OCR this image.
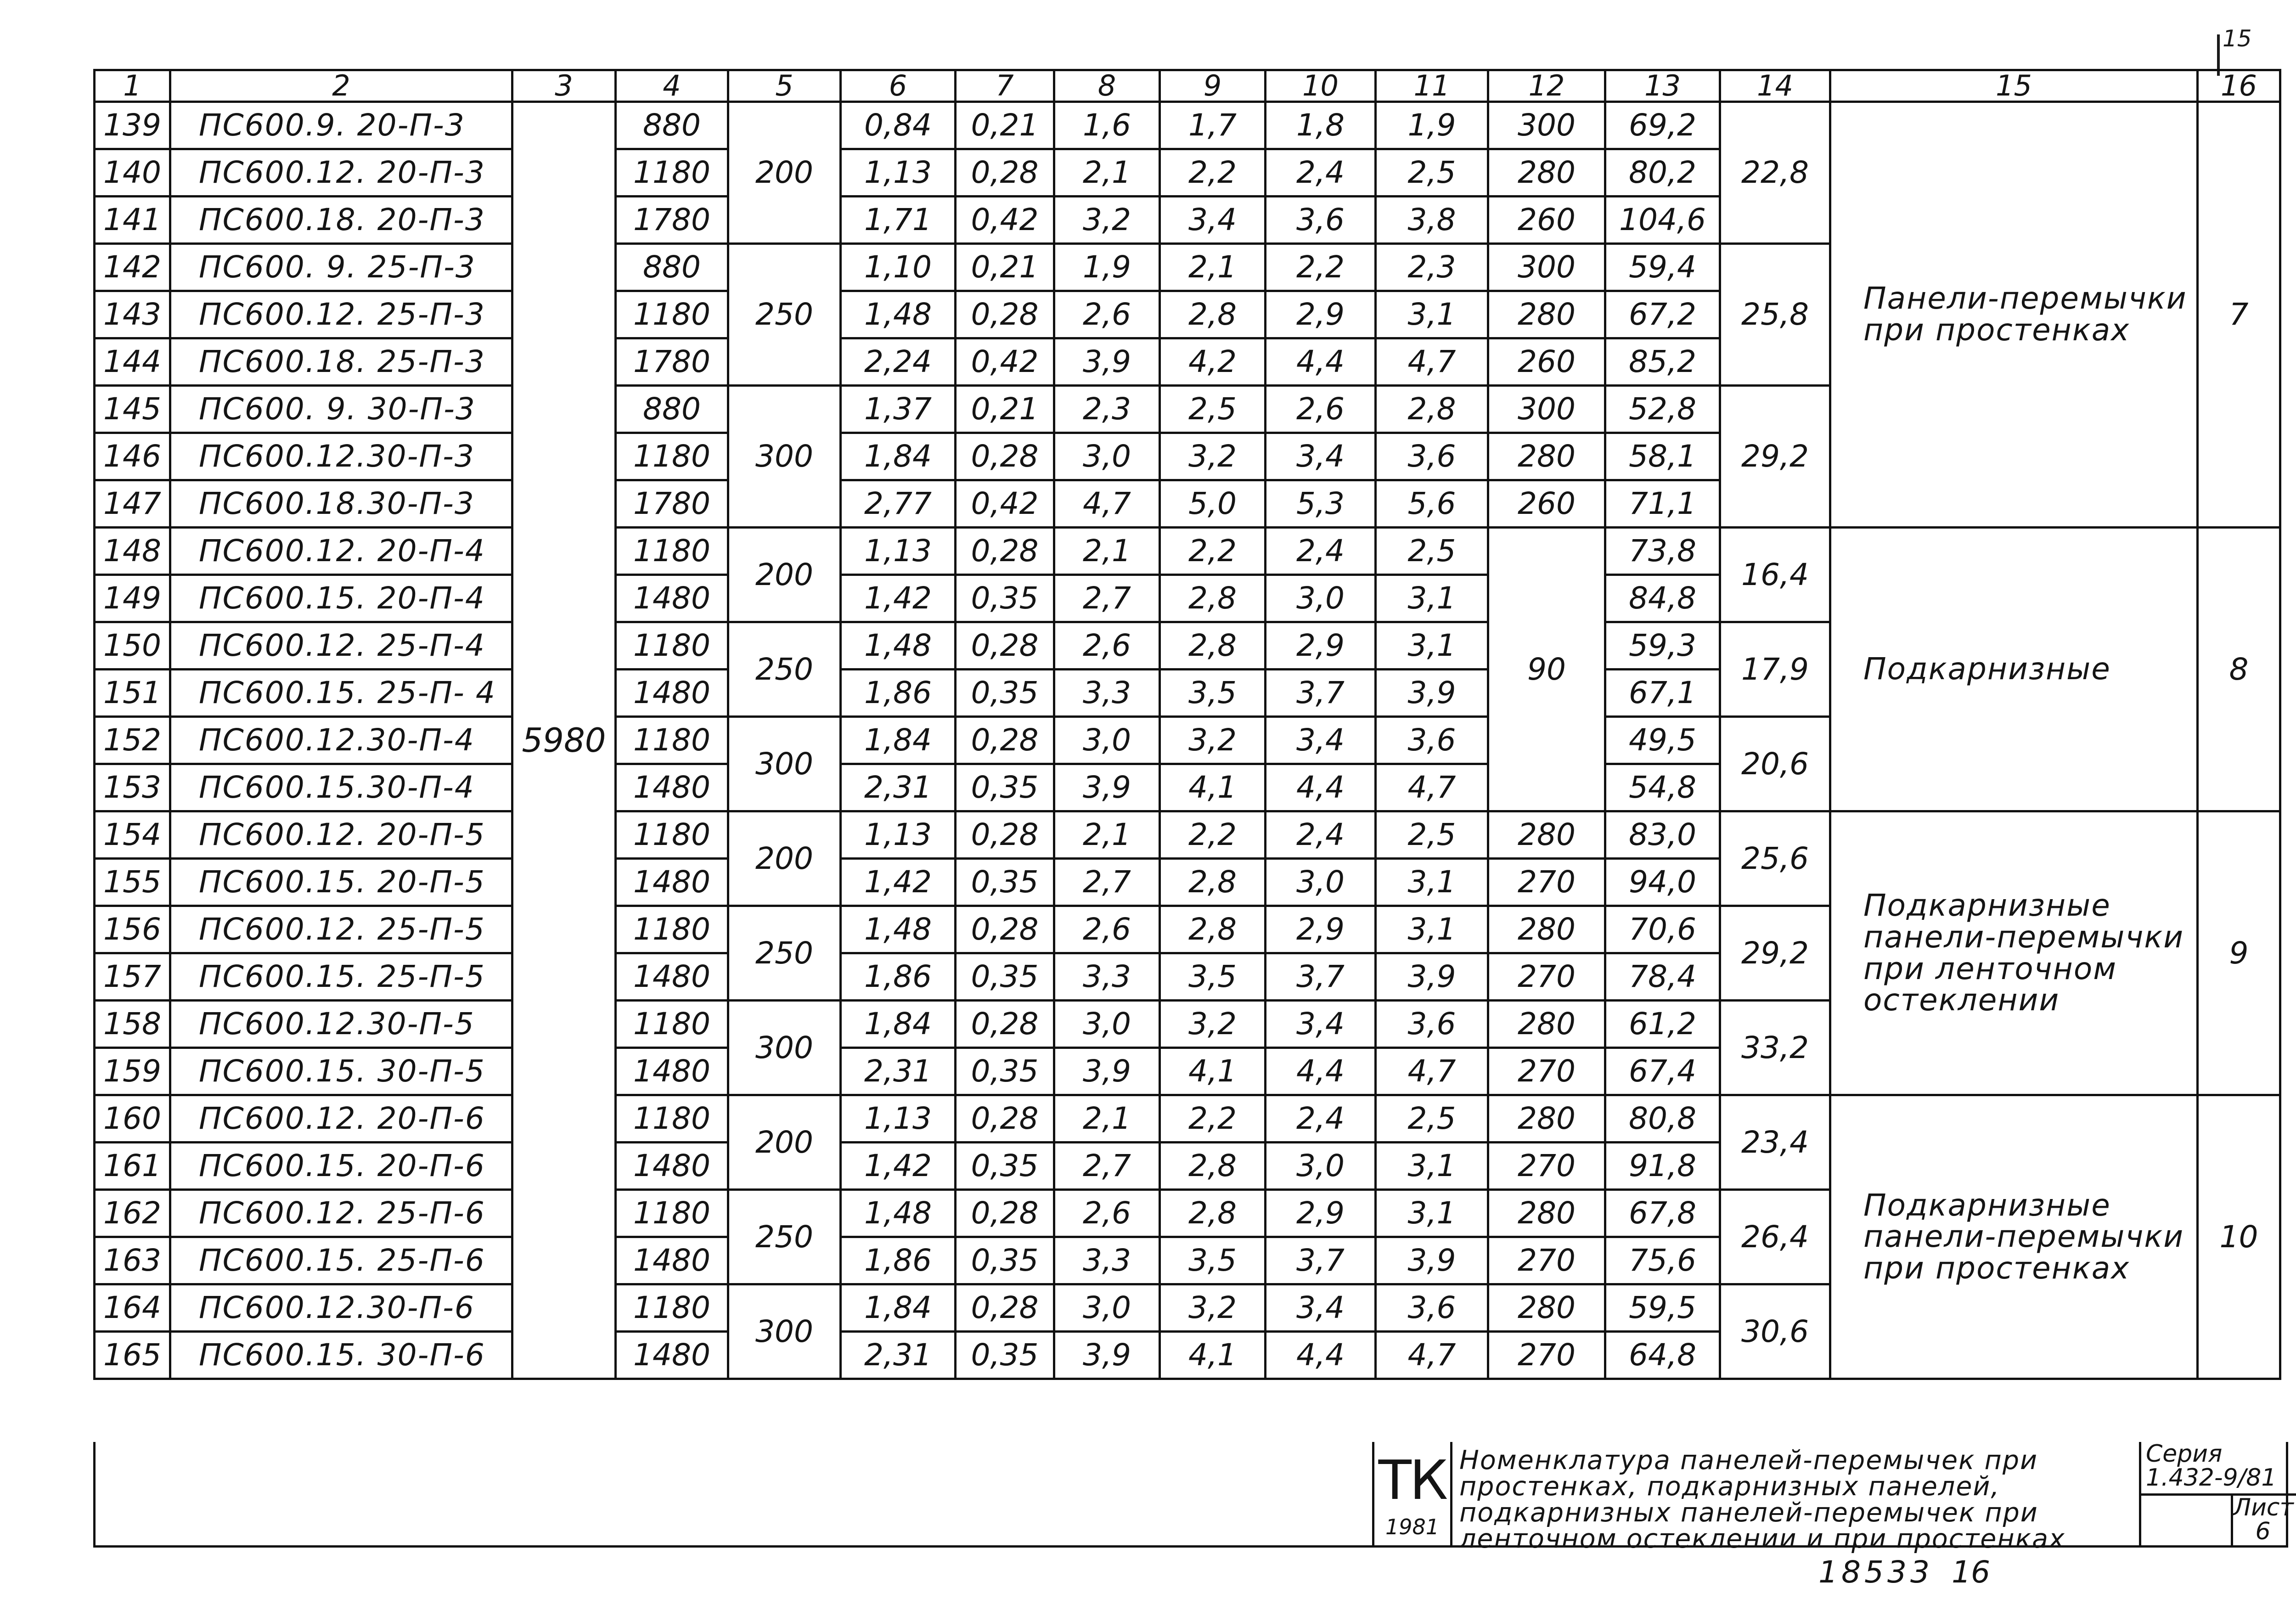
15
1	2	3	4	5	6	7	8	9	10	11	12	13	14	15	16
139	ПС600.9. 20-П-3	5980	880	200	0,84	0,21	1,6	1,7	1,8	1,9	300	69,2	22,8	Панели-перемычки при простенках	7
140	ПС600.12. 20-П-3		1180		1,13	0,28	2,1	2,2	2,4	2,5	280	80,2			
141	ПС600.18. 20-П-3		1780		1,71	0,42	3,2	3,4	3,6	3,8	260	104,6			
142	ПС600. 9. 25-П-3		880	250	1,10	0,21	1,9	2,1	2,2	2,3	300	59,4	25,8		
143	ПС600.12. 25-П-3		1180		1,48	0,28	2,6	2,8	2,9	3,1	280	67,2			
144	ПС600.18. 25-П-3		1780		2,24	0,42	3,9	4,2	4,4	4,7	260	85,2			
145	ПС600. 9. 30-П-3		880	300	1,37	0,21	2,3	2,5	2,6	2,8	300	52,8	29,2		
146	ПС600.12.30-П-3		1180		1,84	0,28	3,0	3,2	3,4	3,6	280	58,1			
147	ПС600.18.30-П-3		1780		2,77	0,42	4,7	5,0	5,3	5,6	260	71,1			
148	ПС600.12. 20-П-4		1180	200	1,13	0,28	2,1	2,2	2,4	2,5	90	73,8	16,4	Подкарнизные	8
149	ПС600.15. 20-П-4		1480		1,42	0,35	2,7	2,8	3,0	3,1		84,8			
150	ПС600.12. 25-П-4		1180	250	1,48	0,28	2,6	2,8	2,9	3,1		59,3	17,9		
151	ПС600.15. 25-П- 4		1480		1,86	0,35	3,3	3,5	3,7	3,9		67,1			
152	ПС600.12.30-П-4		1180	300	1,84	0,28	3,0	3,2	3,4	3,6		49,5	20,6		
153	ПС600.15.30-П-4		1480		2,31	0,35	3,9	4,1	4,4	4,7		54,8			
154	ПС600.12. 20-П-5		1180	200	1,13	0,28	2,1	2,2	2,4	2,5	280	83,0	25,6	Подкарнизные панели-перемычки при ленточном остеклении	9
155	ПС600.15. 20-П-5		1480		1,42	0,35	2,7	2,8	3,0	3,1	270	94,0			
156	ПС600.12. 25-П-5		1180	250	1,48	0,28	2,6	2,8	2,9	3,1	280	70,6	29,2		
157	ПС600.15. 25-П-5		1480		1,86	0,35	3,3	3,5	3,7	3,9	270	78,4			
158	ПС600.12.30-П-5		1180	300	1,84	0,28	3,0	3,2	3,4	3,6	280	61,2	33,2		
159	ПС600.15. 30-П-5		1480		2,31	0,35	3,9	4,1	4,4	4,7	270	67,4			
160	ПС600.12. 20-П-6		1180	200	1,13	0,28	2,1	2,2	2,4	2,5	280	80,8	23,4	Подкарнизные панели-перемычки при простенках	10
161	ПС600.15. 20-П-6		1480		1,42	0,35	2,7	2,8	3,0	3,1	270	91,8			
162	ПС600.12. 25-П-6		1180	250	1,48	0,28	2,6	2,8	2,9	3,1	280	67,8	26,4		
163	ПС600.15. 25-П-6		1480		1,86	0,35	3,3	3,5	3,7	3,9	270	75,6			
164	ПС600.12.30-П-6		1180	300	1,84	0,28	3,0	3,2	3,4	3,6	280	59,5	30,6		
165	ПС600.15. 30-П-6		1480		2,31	0,35	3,9	4,1	4,4	4,7	270	64,8			
ТК
1981
Номенклатура панелей-перемычек при простенках, подкарнизных панелей, подкарнизных панелей-перемычек при ленточном остеклении и при простенках
Серия
1.432-9/81
Лист
6
18533 16
